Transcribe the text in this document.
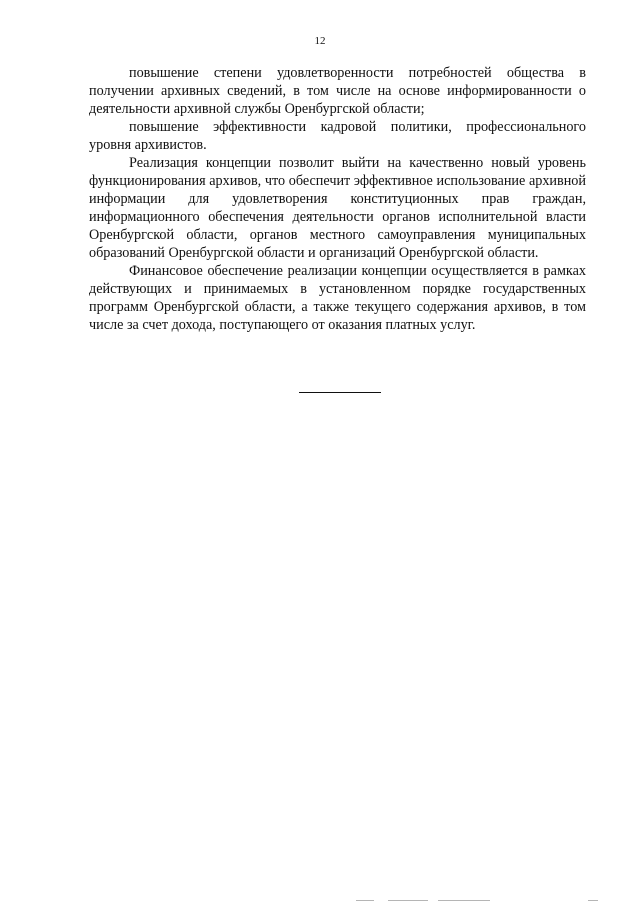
12

повышение степени удовлетворенности потребностей общества в получении архивных сведений, в том числе на основе информированности о деятельности архивной службы Оренбургской области;

повышение эффективности кадровой политики, профессионального уровня архивистов.

Реализация концепции позволит выйти на качественно новый уровень функционирования архивов, что обеспечит эффективное использование архивной информации для удовлетворения конституционных прав граждан, информационного обеспечения деятельности органов исполнительной власти Оренбургской области, органов местного самоуправления муниципальных образований Оренбургской области и организаций Оренбургской области.

Финансовое обеспечение реализации концепции осуществляется в рамках действующих и принимаемых в установленном порядке государственных программ Оренбургской области, а также текущего содержания архивов, в том числе за счет дохода, поступающего от оказания платных услуг.
